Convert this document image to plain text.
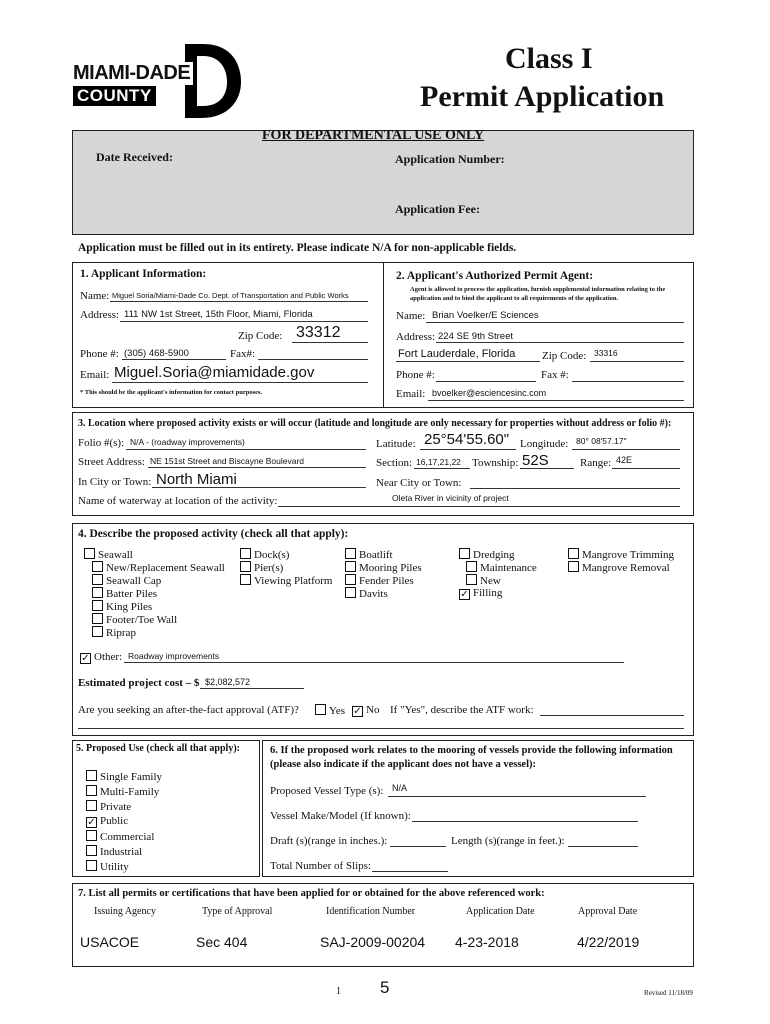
MIAMI-DADE
COUNTY
Class I
Permit Application
FOR DEPARTMENTAL USE ONLY
Date Received:	Application Number:
Application Fee:
Application must be filled out in its entirety. Please indicate N/A for non-applicable fields.
1. Applicant Information:
Name: Miguel Soria/Miami-Dade Co. Dept. of Transportation and Public Works
Address: 111 NW 1st Street, 15th Floor, Miami, Florida
Zip Code: 33312
Phone #: (305) 468-5900	Fax#:
Email: Miguel.Soria@miamidade.gov
* This should be the applicant's information for contact purposes.
2. Applicant's Authorized Permit Agent:
Agent is allowed to process the application, furnish supplemental information relating to the application and to bind the applicant to all requirements of the application.
Name: Brian Voelker/E Sciences
Address: 224 SE 9th Street
Fort Lauderdale, Florida Zip Code: 33316
Phone #:	Fax #:
Email: bvoelker@esciencesinc.com
3. Location where proposed activity exists or will occur (latitude and longitude are only necessary for properties without address or folio #):
Folio #(s): N/A - (roadway improvements)	Latitude: 25°54'55.60" Longitude: 80° 08'57.17"
Street Address: NE 151st Street and Biscayne Boulevard	Section: 16,17,21,22 Township: 52S	Range: 42E
In City or Town: North Miami	Near City or Town:
Name of waterway at location of the activity:	Oleta River in vicinity of project
4. Describe the proposed activity (check all that apply):
Seawall
New/Replacement Seawall
Seawall Cap
Batter Piles
King Piles
Footer/Toe Wall
Riprap
Dock(s)
Pier(s)
Viewing Platform
Boatlift
Mooring Piles
Fender Piles
Davits
Dredging
Maintenance
New
✓ Filling
Mangrove Trimming
Mangrove Removal
✓ Other: Roadway improvements
Estimated project cost – $ $2,082,572
Are you seeking an after-the-fact approval (ATF)?	Yes ✓ No If "Yes", describe the ATF work:
5. Proposed Use (check all that apply):
Single Family
Multi-Family
Private
✓ Public
Commercial
Industrial
Utility
6. If the proposed work relates to the mooring of vessels provide the following information (please also indicate if the applicant does not have a vessel):
Proposed Vessel Type (s): N/A
Vessel Make/Model (If known):
Draft (s)(range in inches.):	Length (s)(range in feet.):
Total Number of Slips:
7. List all permits or certifications that have been applied for or obtained for the above referenced work:
Issuing Agency	Type of Approval	Identification Number	Application Date	Approval Date
USACOE	Sec 404	SAJ-2009-00204 4-23-2018	4/22/2019
1 5	Revised 11/18/09
